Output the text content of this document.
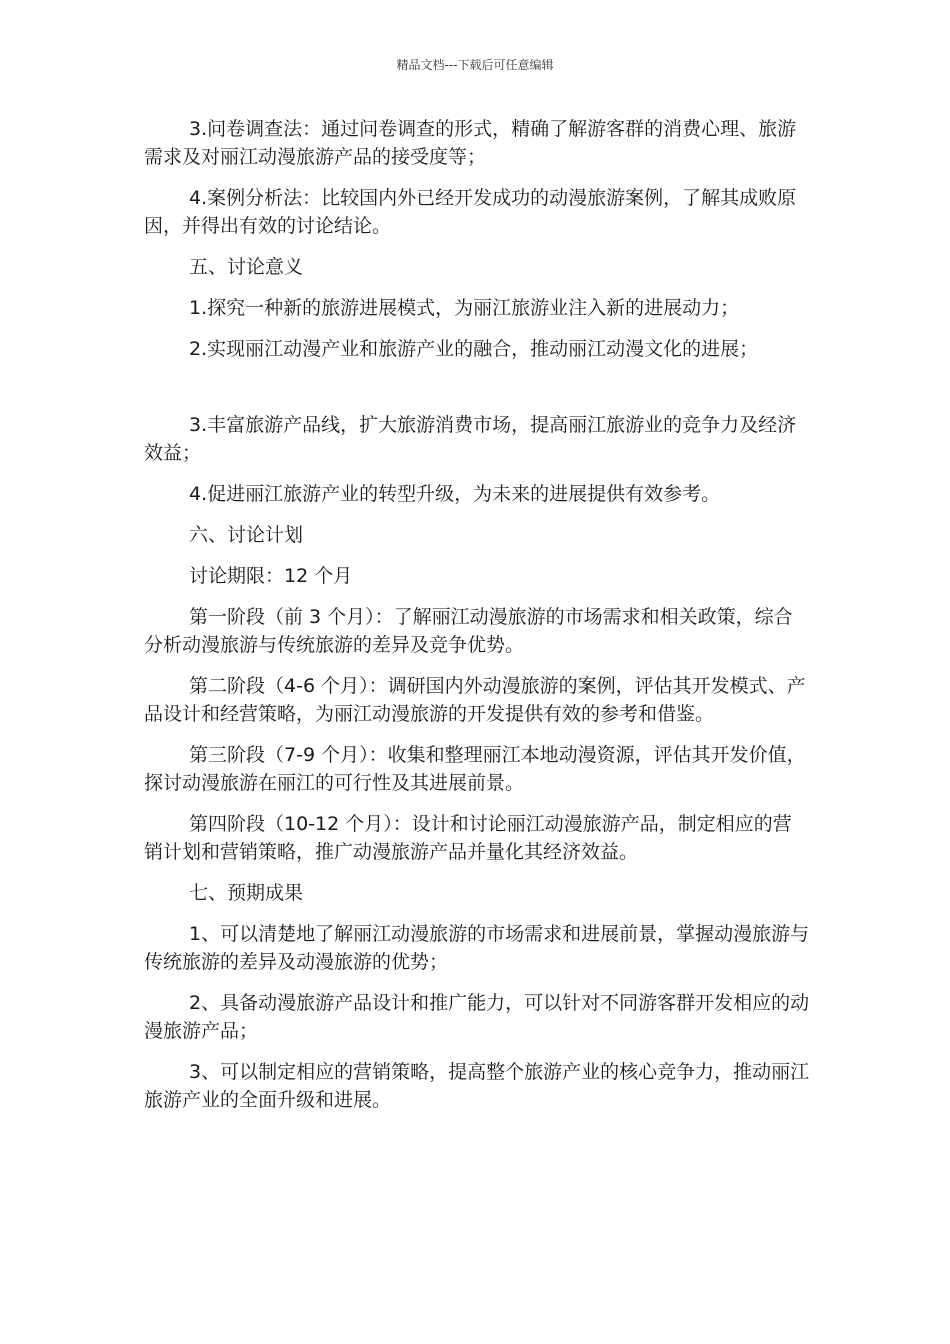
精品文档---下载后可任意编辑

3.问卷调查法：通过问卷调查的形式，精确了解游客群的消费心理、旅游需求及对丽江动漫旅游产品的接受度等；

4.案例分析法：比较国内外已经开发成功的动漫旅游案例，了解其成败原因，并得出有效的讨论结论。

五、讨论意义

1.探究一种新的旅游进展模式，为丽江旅游业注入新的进展动力；

2.实现丽江动漫产业和旅游产业的融合，推动丽江动漫文化的进展；

3.丰富旅游产品线，扩大旅游消费市场，提高丽江旅游业的竞争力及经济效益；

4.促进丽江旅游产业的转型升级，为未来的进展提供有效参考。

六、讨论计划

讨论期限：12 个月

第一阶段（前 3 个月）：了解丽江动漫旅游的市场需求和相关政策，综合分析动漫旅游与传统旅游的差异及竞争优势。

第二阶段（4-6 个月）：调研国内外动漫旅游的案例，评估其开发模式、产品设计和经营策略，为丽江动漫旅游的开发提供有效的参考和借鉴。

第三阶段（7-9 个月）：收集和整理丽江本地动漫资源，评估其开发价值，探讨动漫旅游在丽江的可行性及其进展前景。

第四阶段（10-12 个月）：设计和讨论丽江动漫旅游产品，制定相应的营销计划和营销策略，推广动漫旅游产品并量化其经济效益。

七、预期成果

1、可以清楚地了解丽江动漫旅游的市场需求和进展前景，掌握动漫旅游与传统旅游的差异及动漫旅游的优势；

2、具备动漫旅游产品设计和推广能力，可以针对不同游客群开发相应的动漫旅游产品；

3、可以制定相应的营销策略，提高整个旅游产业的核心竞争力，推动丽江旅游产业的全面升级和进展。
